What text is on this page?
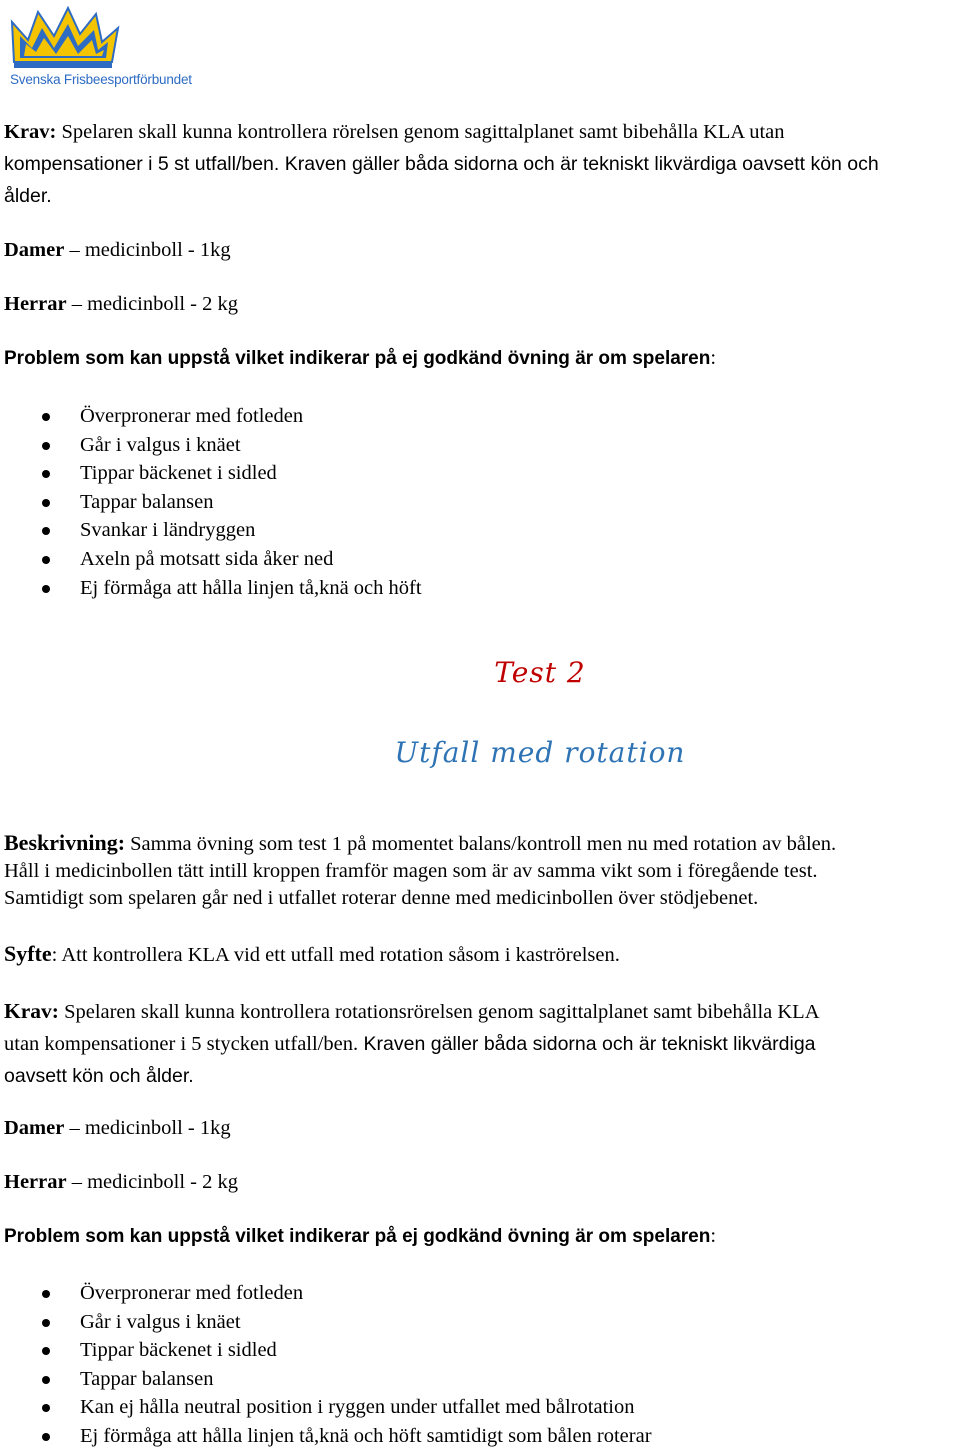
Svenska Frisbeesportförbundet
Krav: Spelaren skall kunna kontrollera rörelsen genom sagittalplanet samt bibehålla KLA utan
kompensationer i 5 st utfall/ben. Kraven gäller båda sidorna och är tekniskt likvärdiga oavsett kön och
ålder.
Damer – medicinboll - 1kg
Herrar – medicinboll - 2 kg
Problem som kan uppstå vilket indikerar på ej godkänd övning är om spelaren:
Överpronerar med fotleden
Går i valgus i knäet
Tippar bäckenet i sidled
Tappar balansen
Svankar i ländryggen
Axeln på motsatt sida åker ned
Ej förmåga att hålla linjen tå,knä och höft
Test 2
Utfall med rotation
Beskrivning: Samma övning som test 1 på momentet balans/kontroll men nu med rotation av bålen.
Håll i medicinbollen tätt intill kroppen framför magen som är av samma vikt som i föregående test.
Samtidigt som spelaren går ned i utfallet roterar denne med medicinbollen över stödjebenet.
Syfte: Att kontrollera KLA vid ett utfall med rotation såsom i kaströrelsen.
Krav: Spelaren skall kunna kontrollera rotationsrörelsen genom sagittalplanet samt bibehålla KLA
utan kompensationer i 5 stycken utfall/ben. Kraven gäller båda sidorna och är tekniskt likvärdiga
oavsett kön och ålder.
Damer – medicinboll - 1kg
Herrar – medicinboll - 2 kg
Problem som kan uppstå vilket indikerar på ej godkänd övning är om spelaren:
Överpronerar med fotleden
Går i valgus i knäet
Tippar bäckenet i sidled
Tappar balansen
Kan ej hålla neutral position i ryggen under utfallet med bålrotation
Ej förmåga att hålla linjen tå,knä och höft samtidigt som bålen roterar
